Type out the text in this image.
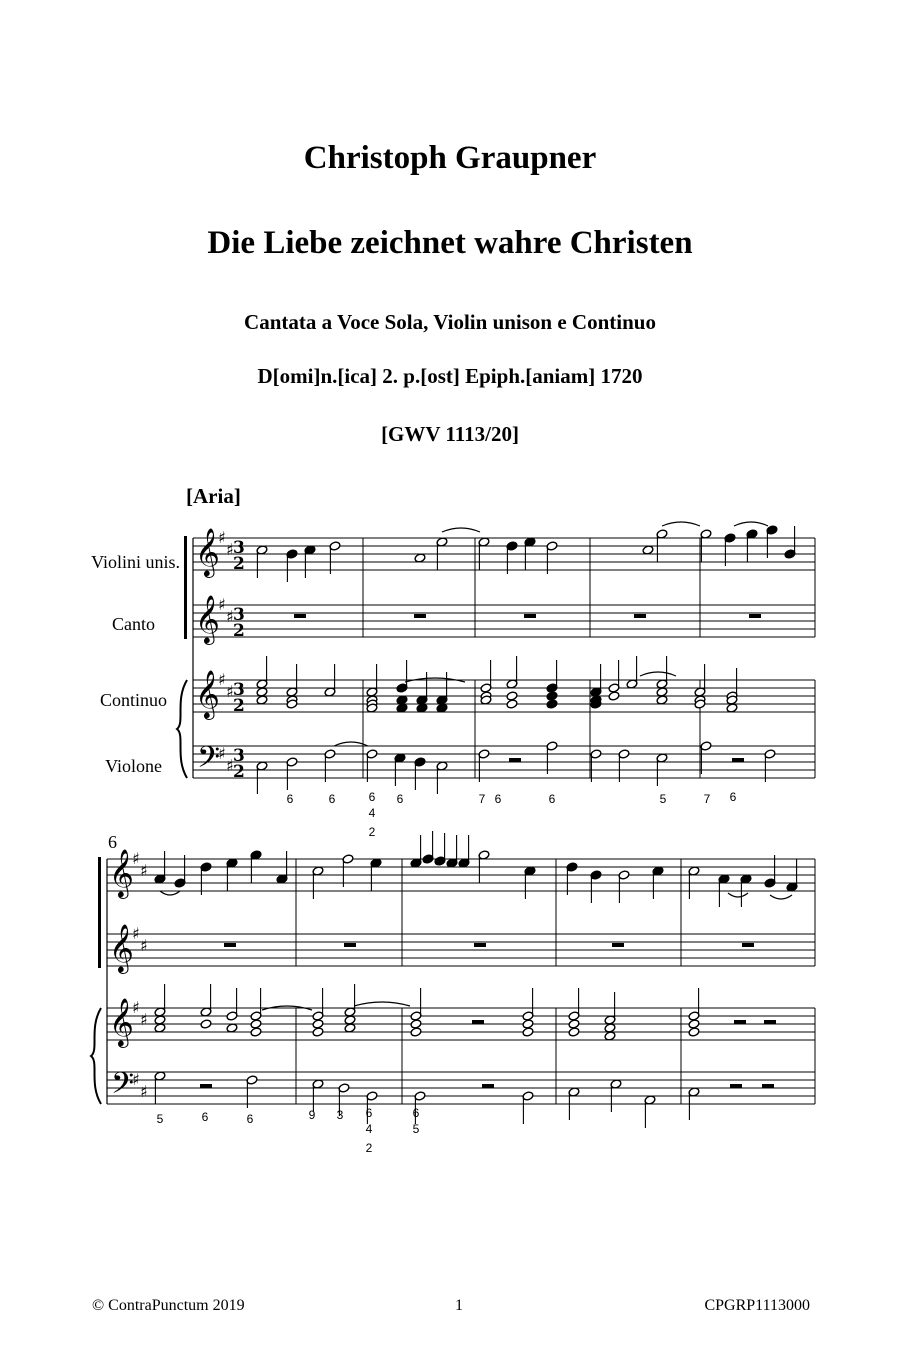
Christoph Graupner
Die Liebe zeichnet wahre Christen
Cantata a Voce Sola, Violin unison e Continuo
D[omi]n.[ica] 2. p.[ost] Epiph.[aniam] 1720
[GWV 1113/20]
[Aria]
Violini unis.
Canto
Continuo
Violone
6
6	6	6
4
2
6	7 6	6	5	7	6
5	6	6	9	3	6
4
2
6
5
𝄞
♯
♯ 3
2
𝄞
♯
♯ 3
2
𝄞
♯
♯ 3
2
𝄢
♯
♯ 3
2
𝄞
♯
♯
𝄞
♯
♯
𝄞
♯
♯
𝄢
♯
♯
© ContraPunctum 2019	1	CPGRP1113000
